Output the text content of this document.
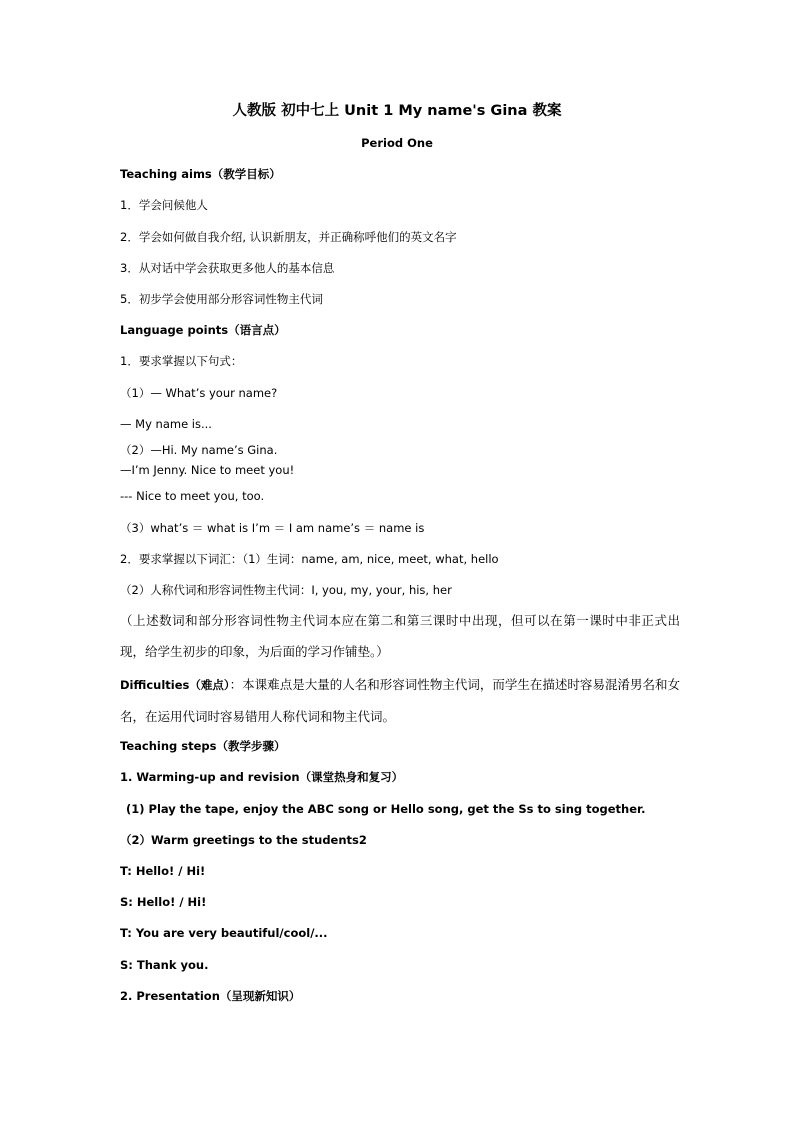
人教版 初中七上 Unit 1 My name's Gina 教案
Period One
Teaching aims（教学目标）
1．学会问候他人
2．学会如何做自我介绍, 认识新朋友，并正确称呼他们的英文名字
3．从对话中学会获取更多他人的基本信息
5．初步学会使用部分形容词性物主代词
Language points（语言点）
1．要求掌握以下句式：
（1）— What’s your name?
— My name is...
（2）—Hi. My name’s Gina.
—I’m Jenny. Nice to meet you!
--- Nice to meet you, too.
（3）what’s ＝ what is I’m ＝ I am name’s ＝ name is
2．要求掌握以下词汇：（1）生词：name, am, nice, meet, what, hello
（2）人称代词和形容词性物主代词：I, you, my, your, his, her
（上述数词和部分形容词性物主代词本应在第二和第三课时中出现，但可以在第一课时中非正式出现，给学生初步的印象，为后面的学习作铺垫。）
Difficulties（难点）：本课难点是大量的人名和形容词性物主代词，而学生在描述时容易混淆男名和女名，在运用代词时容易错用人称代词和物主代词。
Teaching steps（教学步骤）
1. Warming-up and revision（课堂热身和复习）
(1) Play the tape, enjoy the ABC song or Hello song, get the Ss to sing together.
（2）Warm greetings to the students2
T: Hello! / Hi!
S: Hello! / Hi!
T: You are very beautiful/cool/...
S: Thank you.
2. Presentation（呈现新知识）
